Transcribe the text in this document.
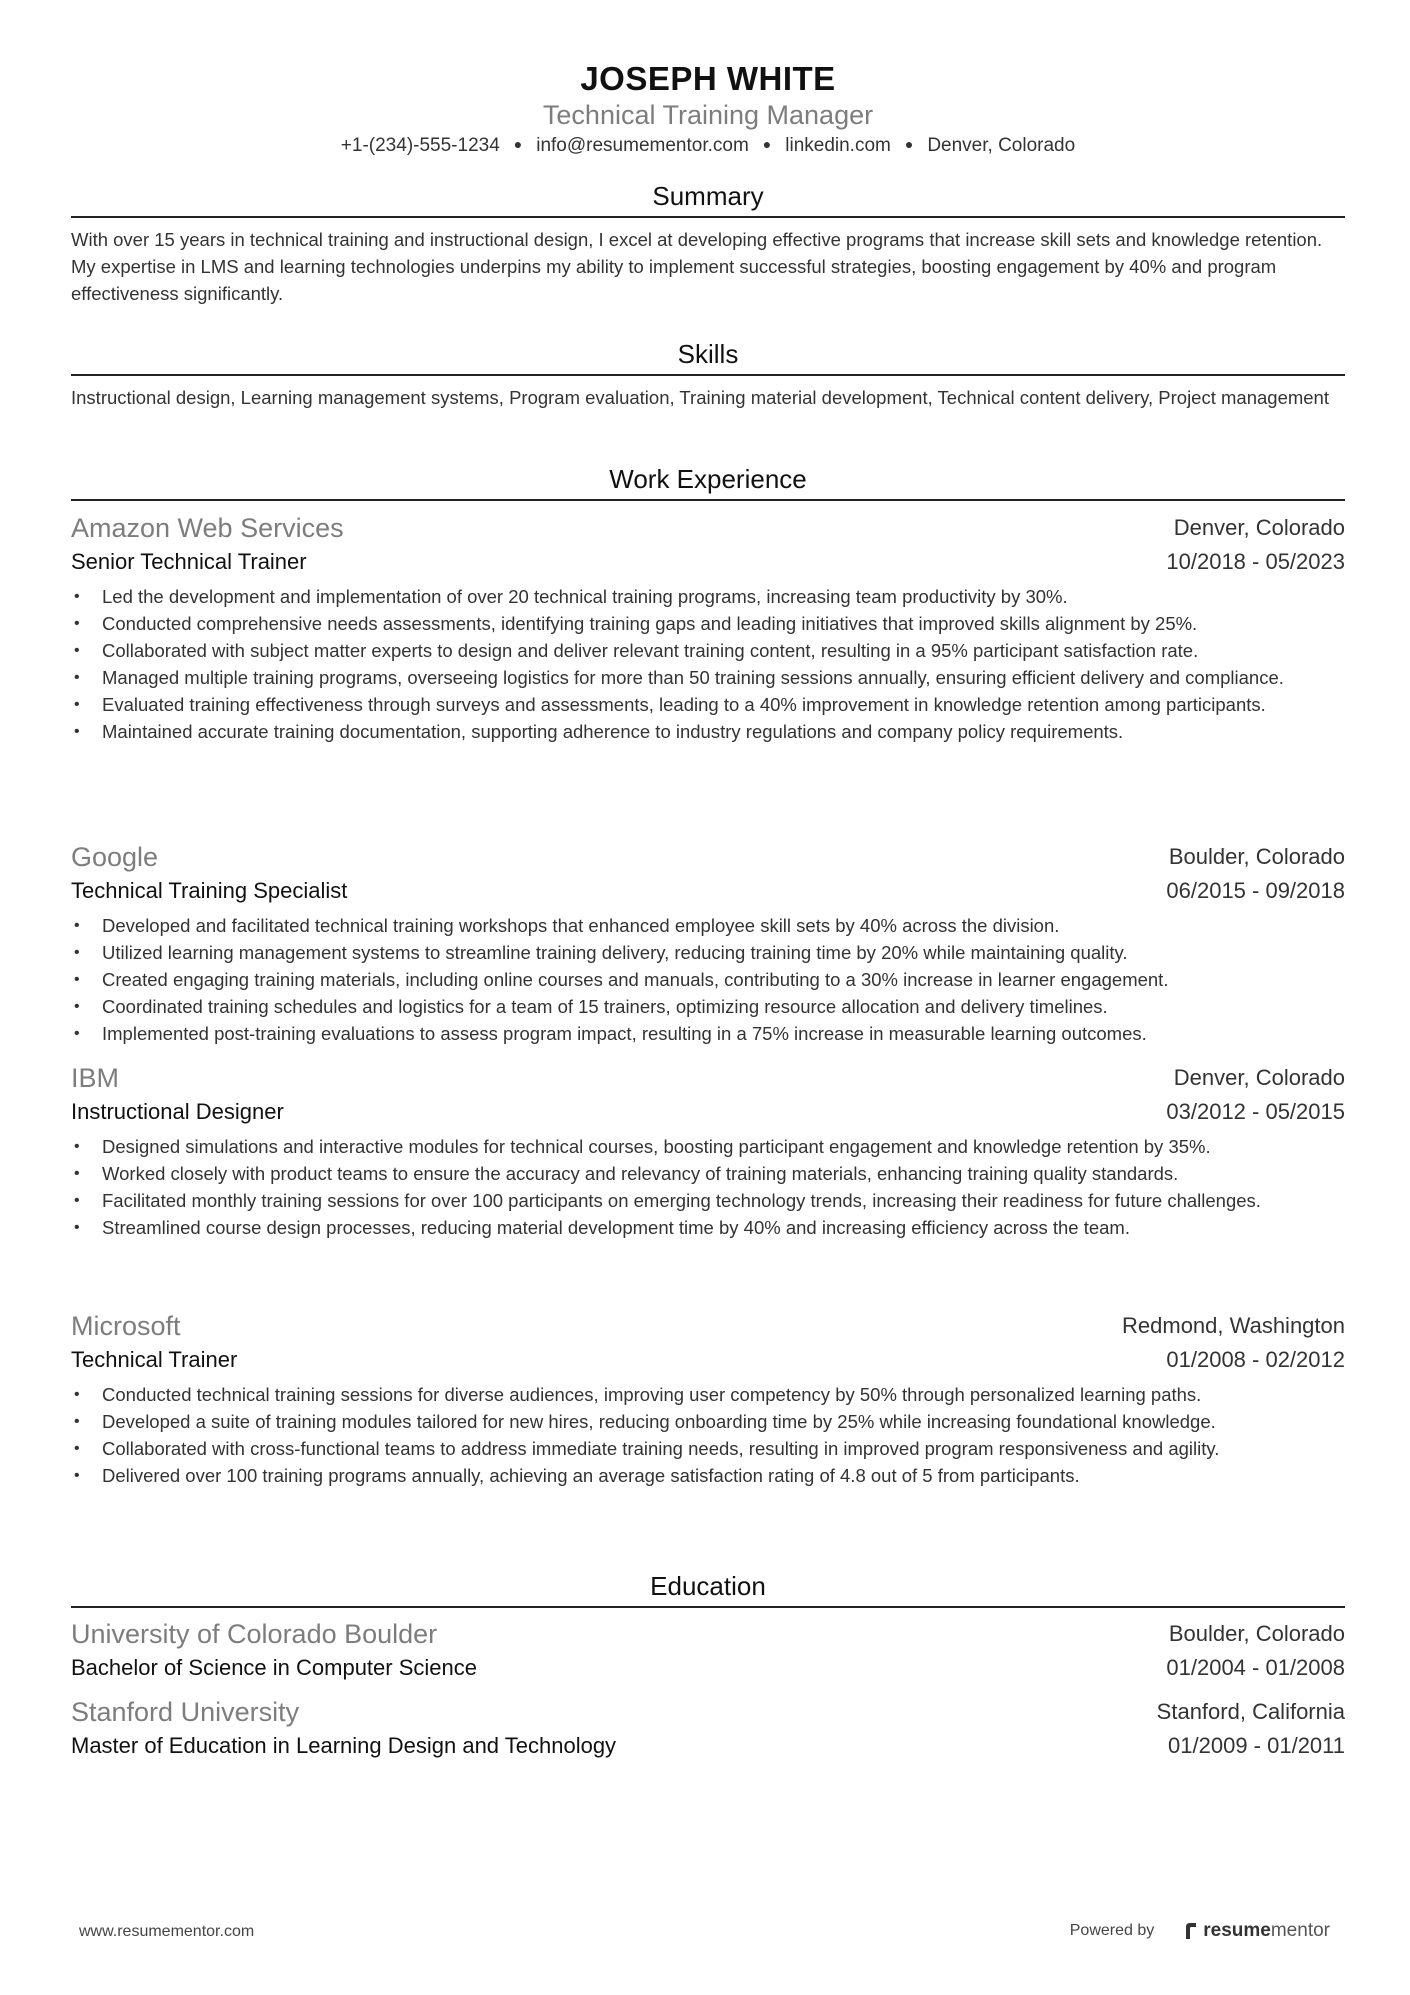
JOSEPH WHITE
Technical Training Manager
+1-(234)-555-1234 ● info@resumementor.com ● linkedin.com ● Denver, Colorado
Summary
With over 15 years in technical training and instructional design, I excel at developing effective programs that increase skill sets and knowledge retention. My expertise in LMS and learning technologies underpins my ability to implement successful strategies, boosting engagement by 40% and program effectiveness significantly.
Skills
Instructional design, Learning management systems, Program evaluation, Training material development, Technical content delivery, Project management
Work Experience
Amazon Web Services	Denver, Colorado
Senior Technical Trainer	10/2018 - 05/2023
• Led the development and implementation of over 20 technical training programs, increasing team productivity by 30%.
• Conducted comprehensive needs assessments, identifying training gaps and leading initiatives that improved skills alignment by 25%.
• Collaborated with subject matter experts to design and deliver relevant training content, resulting in a 95% participant satisfaction rate.
• Managed multiple training programs, overseeing logistics for more than 50 training sessions annually, ensuring efficient delivery and compliance.
• Evaluated training effectiveness through surveys and assessments, leading to a 40% improvement in knowledge retention among participants.
• Maintained accurate training documentation, supporting adherence to industry regulations and company policy requirements.
Google	Boulder, Colorado
Technical Training Specialist	06/2015 - 09/2018
• Developed and facilitated technical training workshops that enhanced employee skill sets by 40% across the division.
• Utilized learning management systems to streamline training delivery, reducing training time by 20% while maintaining quality.
• Created engaging training materials, including online courses and manuals, contributing to a 30% increase in learner engagement.
• Coordinated training schedules and logistics for a team of 15 trainers, optimizing resource allocation and delivery timelines.
• Implemented post-training evaluations to assess program impact, resulting in a 75% increase in measurable learning outcomes.
IBM	Denver, Colorado
Instructional Designer	03/2012 - 05/2015
• Designed simulations and interactive modules for technical courses, boosting participant engagement and knowledge retention by 35%.
• Worked closely with product teams to ensure the accuracy and relevancy of training materials, enhancing training quality standards.
• Facilitated monthly training sessions for over 100 participants on emerging technology trends, increasing their readiness for future challenges.
• Streamlined course design processes, reducing material development time by 40% and increasing efficiency across the team.
Microsoft	Redmond, Washington
Technical Trainer	01/2008 - 02/2012
• Conducted technical training sessions for diverse audiences, improving user competency by 50% through personalized learning paths.
• Developed a suite of training modules tailored for new hires, reducing onboarding time by 25% while increasing foundational knowledge.
• Collaborated with cross-functional teams to address immediate training needs, resulting in improved program responsiveness and agility.
• Delivered over 100 training programs annually, achieving an average satisfaction rating of 4.8 out of 5 from participants.
Education
University of Colorado Boulder	Boulder, Colorado
Bachelor of Science in Computer Science	01/2004 - 01/2008
Stanford University	Stanford, California
Master of Education in Learning Design and Technology	01/2009 - 01/2011
www.resumementor.com	Powered by	resumementor
